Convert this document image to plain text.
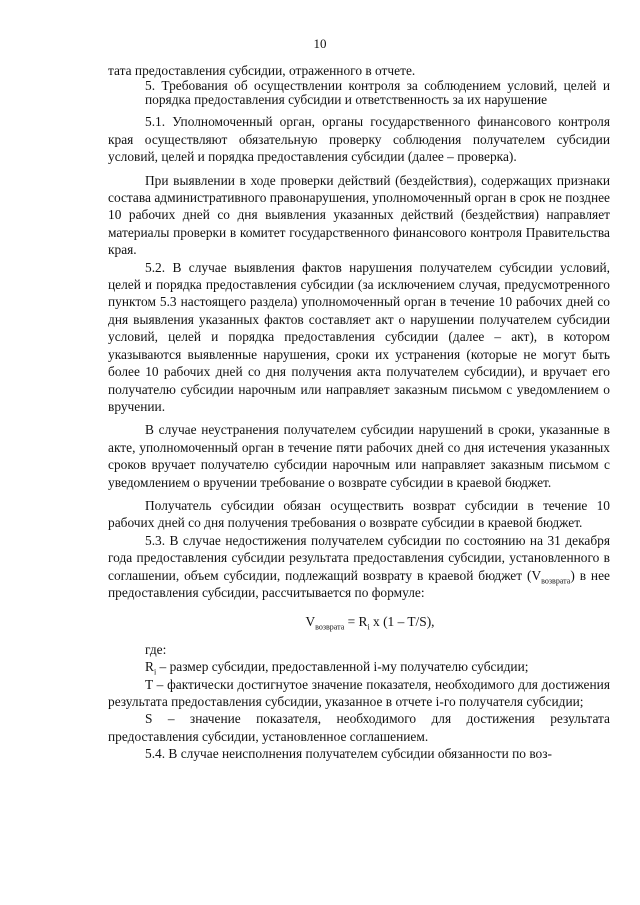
10

тата предоставления субсидии, отраженного в отчете.

5. Требования об осуществлении контроля за соблюдением условий, целей и порядка предоставления субсидии и ответственность за их нарушение

5.1. Уполномоченный орган, органы государственного финансового контроля края осуществляют обязательную проверку соблюдения получателем субсидии условий, целей и порядка предоставления субсидии (далее – проверка).

При выявлении в ходе проверки действий (бездействия), содержащих признаки состава административного правонарушения, уполномоченный орган в срок не позднее 10 рабочих дней со дня выявления указанных действий (бездействия) направляет материалы проверки в комитет государственного финансового контроля Правительства края.

5.2. В случае выявления фактов нарушения получателем субсидии условий, целей и порядка предоставления субсидии (за исключением случая, предусмотренного пунктом 5.3 настоящего раздела) уполномоченный орган в течение 10 рабочих дней со дня выявления указанных фактов составляет акт о нарушении получателем субсидии условий, целей и порядка предоставления субсидии (далее – акт), в котором указываются выявленные нарушения, сроки их устранения (которые не могут быть более 10 рабочих дней со дня получения акта получателем субсидии), и вручает его получателю субсидии нарочным или направляет заказным письмом с уведомлением о вручении.

В случае неустранения получателем субсидии нарушений в сроки, указанные в акте, уполномоченный орган в течение пяти рабочих дней со дня истечения указанных сроков вручает получателю субсидии нарочным или направляет заказным письмом с уведомлением о вручении требование о возврате субсидии в краевой бюджет.

Получатель субсидии обязан осуществить возврат субсидии в течение 10 рабочих дней со дня получения требования о возврате субсидии в краевой бюджет.

5.3. В случае недостижения получателем субсидии по состоянию на 31 декабря года предоставления субсидии результата предоставления субсидии, установленного в соглашении, объем субсидии, подлежащий возврату в краевой бюджет $(V_{возврата})$ в нее предоставления субсидии, рассчитывается по формуле:

$V_{возврата} = R_i$ x (1 – T/S),

где:

$R_i$ – размер субсидии, предоставленной i-му получателю субсидии;

T – фактически достигнутое значение показателя, необходимого для достижения результата предоставления субсидии, указанное в отчете i-го получателя субсидии;

S – значение показателя, необходимого для достижения результата предоставления субсидии, установленное соглашением.

5.4. В случае неисполнения получателем субсидии обязанности по воз-
